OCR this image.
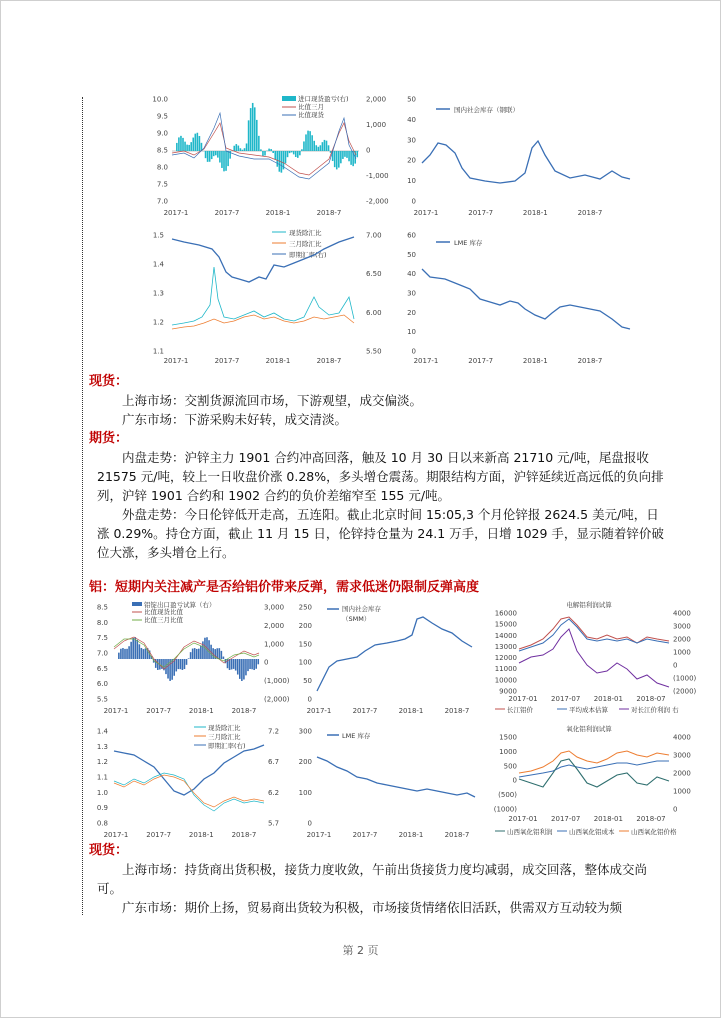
进口现货盈亏(右)
比值三月
比值现货
10.0
9.5
9.0
8.5
8.0
7.5
7.0
2,000
1,000
0
-1,000
-2,000
2017-1	2017-7	2018-1	2018-7
国内社会库存（钢联）
50
40
30
20
10
0
2017-1	2017-7	2018-1	2018-7
现货除汇比
三月除汇比
即期汇率(右)
1.5
1.4
1.3
1.2
1.1
7.00
6.50
6.00
5.50
2017-1	2017-7	2018-1	2018-7
LME 库存
60
50
40
30
20
10
0
2017-1	2017-7	2018-1	2018-7
现货：
上海市场：交割货源流回市场，下游观望，成交偏淡。
广东市场：下游采购未好转，成交清淡。
期货：
内盘走势：沪锌主力 1901 合约冲高回落，触及 10 月 30 日以来新高 21710 元/吨，尾盘报收 21575 元/吨，较上一日收盘价涨 0.28%，多头增仓震荡。期限结构方面，沪锌延续近高远低的负向排列，沪锌 1901 合约和 1902 合约的负价差缩窄至 155 元/吨。
外盘走势：今日伦锌低开走高，五连阳。截止北京时间 15:05,3 个月伦锌报 2624.5 美元/吨，日涨 0.29%。持仓方面，截止 11 月 15 日，伦锌持仓量为 24.1 万手，日增 1029 手，显示随着锌价破位大涨，多头增仓上行。
铝：短期内关注减产是否给铝价带来反弹，需求低迷仍限制反弹高度
铝锭出口盈亏试算（右）
比值现货比值
比值三月比值
8.5
8.0
7.5
7.0
6.5
6.0
5.5
3,000
2,000
1,000
0
(1,000)
(2,000)
2017-1	2017-7	2018-1	2018-7
国内社会库存
（SMM）
250
200
150
100
50
0
2017-1	2017-7	2018-1	2018-7
电解铝利润试算
16000
15000
14000
13000
12000
11000
10000
9000
4000
3000
2000
1000
0
(1000)
(2000)
2017-01 2017-07 2018-01 2018-07
长江铝价	平均成本估算	对长江价利润 右
现货除汇比
三月除汇比
即期汇率(右)
1.4
1.3
1.2
1.1
1.0
0.9
0.8
7.2
6.7
6.2
5.7
2017-1	2017-7	2018-1	2018-7
LME 库存
300
200
100
0
2017-1	2017-7	2018-1	2018-7
氧化铝利润试算
1500
1000
500
0
(500)
(1000)
4000
3000
2000
1000
0
2017-01 2017-07 2018-01 2018-07
山西氧化铝利润	山西氧化铝成本	山西氧化铝价格
现货：
上海市场：持货商出货积极，接货力度收敛，午前出货接货力度均减弱，成交回落，整体成交尚可。
广东市场：期价上扬，贸易商出货较为积极，市场接货情绪依旧活跃，供需双方互动较为频
第 2 页
